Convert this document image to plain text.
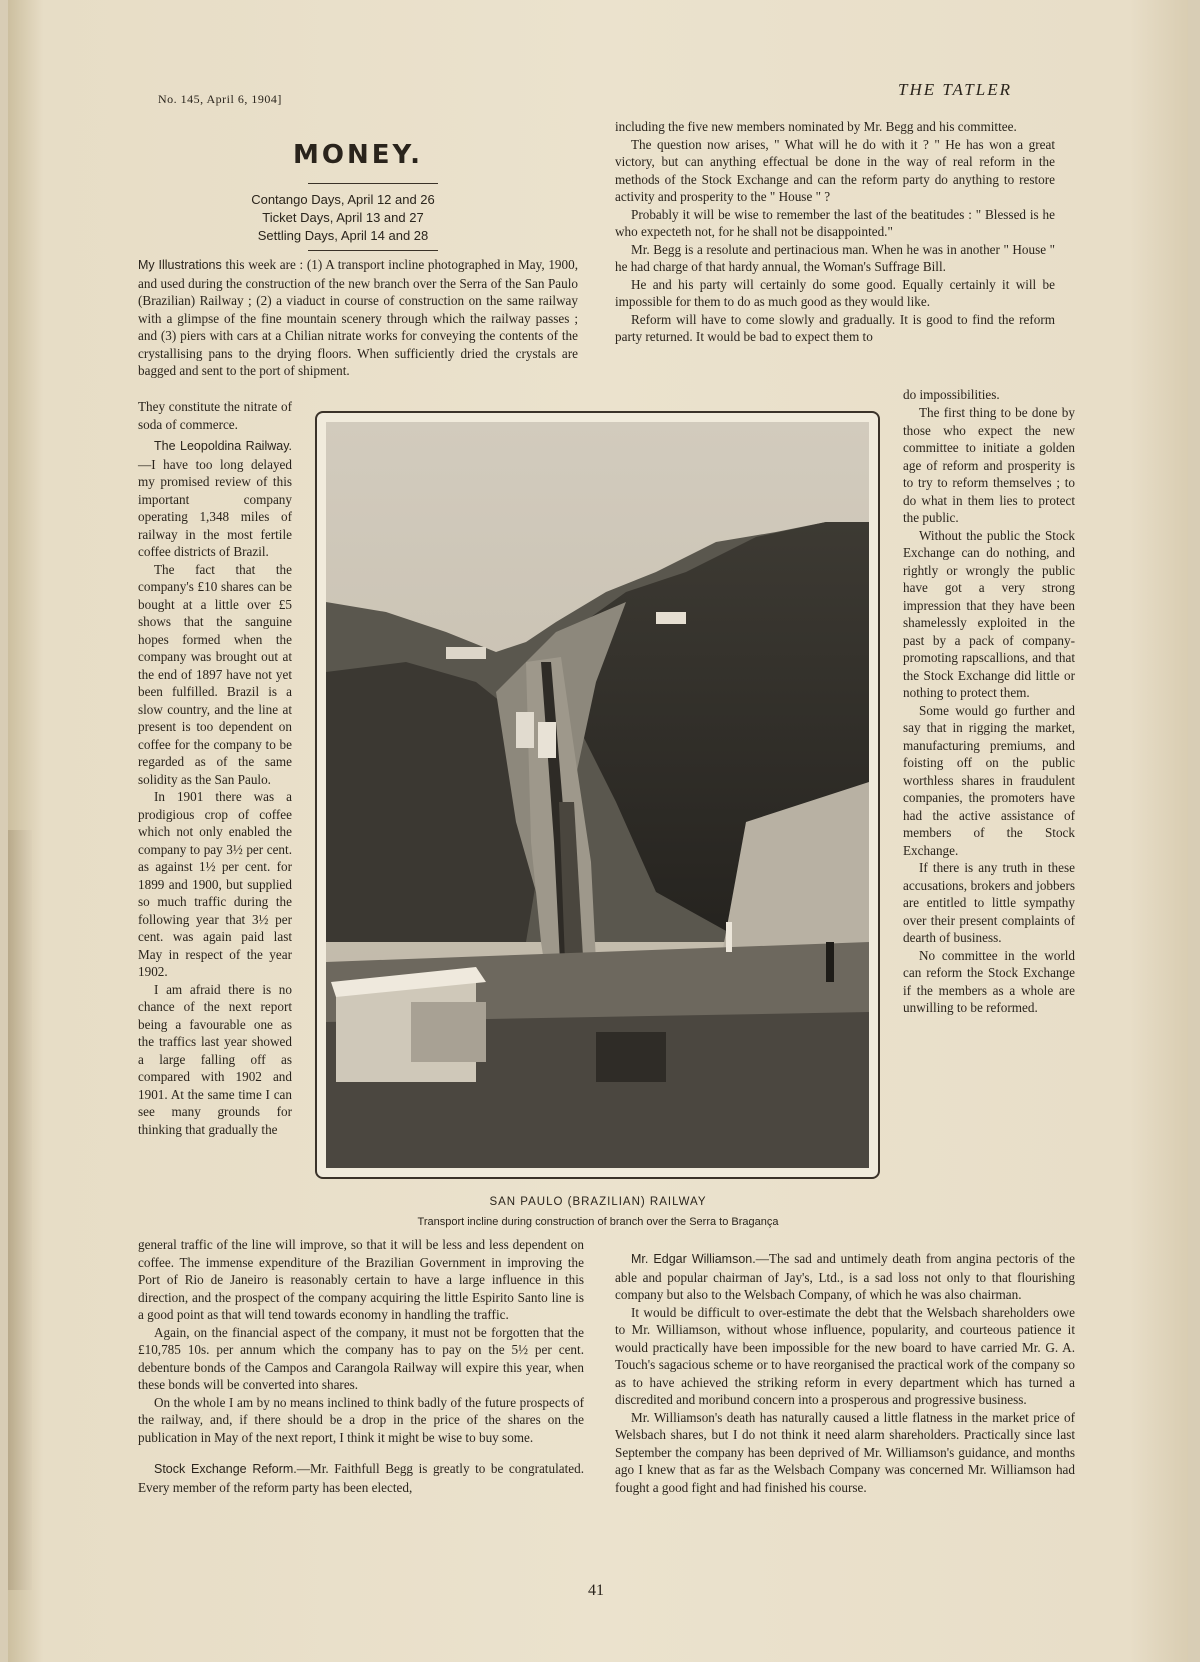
No. 145, April 6, 1904]	THE TATLER
MONEY.
Contango Days, April 12 and 26
Ticket Days, April 13 and 27
Settling Days, April 14 and 28

My Illustrations this week are : (1) A transport incline photographed in May, 1900, and used during the construction of the new branch over the Serra of the San Paulo (Brazilian) Railway ; (2) a viaduct in course of construction on the same railway with a glimpse of the fine mountain scenery through which the railway passes ; and (3) piers with cars at a Chilian nitrate works for conveying the contents of the crystallising pans to the drying floors. When sufficiently dried the crystals are bagged and sent to the port of shipment.

They constitute the nitrate of soda of commerce.

The Leopoldina Railway.—I have too long delayed my promised review of this important company operating 1,348 miles of railway in the most fertile coffee districts of Brazil.

The fact that the company's £10 shares can be bought at a little over £5 shows that the sanguine hopes formed when the company was brought out at the end of 1897 have not yet been fulfilled. Brazil is a slow country, and the line at present is too dependent on coffee for the company to be regarded as of the same solidity as the San Paulo.

In 1901 there was a prodigious crop of coffee which not only enabled the company to pay 3½ per cent. as against 1½ per cent. for 1899 and 1900, but supplied so much traffic during the following year that 3½ per cent. was again paid last May in respect of the year 1902.

I am afraid there is no chance of the next report being a favourable one as the traffics last year showed a large falling off as compared with 1902 and 1901. At the same time I can see many grounds for thinking that gradually the

including the five new members nominated by Mr. Begg and his committee.

The question now arises, " What will he do with it ? " He has won a great victory, but can anything effectual be done in the way of real reform in the methods of the Stock Exchange and can the reform party do anything to restore activity and prosperity to the " House " ?

Probably it will be wise to remember the last of the beatitudes : " Blessed is he who expecteth not, for he shall not be disappointed."

Mr. Begg is a resolute and pertinacious man. When he was in another " House " he had charge of that hardy annual, the Woman's Suffrage Bill.

He and his party will certainly do some good. Equally certainly it will be impossible for them to do as much good as they would like.

Reform will have to come slowly and gradually. It is good to find the reform party returned. It would be bad to expect them to

do impossibilities.

The first thing to be done by those who expect the new committee to initiate a golden age of reform and prosperity is to try to reform themselves ; to do what in them lies to protect the public.

Without the public the Stock Exchange can do nothing, and rightly or wrongly the public have got a very strong impression that they have been shamelessly exploited in the past by a pack of company-promoting rapscallions, and that the Stock Exchange did little or nothing to protect them.

Some would go further and say that in rigging the market, manufacturing premiums, and foisting off on the public worthless shares in fraudulent companies, the promoters have had the active assistance of members of the Stock Exchange.

If there is any truth in these accusations, brokers and jobbers are entitled to little sympathy over their present complaints of dearth of business.

No committee in the world can reform the Stock Exchange if the members as a whole are unwilling to be reformed.

SAN PAULO (BRAZILIAN) RAILWAY
Transport incline during construction of branch over the Serra to Bragança

general traffic of the line will improve, so that it will be less and less dependent on coffee. The immense expenditure of the Brazilian Government in improving the Port of Rio de Janeiro is reasonably certain to have a large influence in this direction, and the prospect of the company acquiring the little Espirito Santo line is a good point as that will tend towards economy in handling the traffic.

Again, on the financial aspect of the company, it must not be forgotten that the £10,785 10s. per annum which the company has to pay on the 5½ per cent. debenture bonds of the Campos and Carangola Railway will expire this year, when these bonds will be converted into shares.

On the whole I am by no means inclined to think badly of the future prospects of the railway, and, if there should be a drop in the price of the shares on the publication in May of the next report, I think it might be wise to buy some.

Stock Exchange Reform.—Mr. Faithfull Begg is greatly to be congratulated. Every member of the reform party has been elected,

Mr. Edgar Williamson.—The sad and untimely death from angina pectoris of the able and popular chairman of Jay's, Ltd., is a sad loss not only to that flourishing company but also to the Welsbach Company, of which he was also chairman.

It would be difficult to over-estimate the debt that the Welsbach shareholders owe to Mr. Williamson, without whose influence, popularity, and courteous patience it would practically have been impossible for the new board to have carried Mr. G. A. Touch's sagacious scheme or to have reorganised the practical work of the company so as to have achieved the striking reform in every department which has turned a discredited and moribund concern into a prosperous and progressive business.

Mr. Williamson's death has naturally caused a little flatness in the market price of Welsbach shares, but I do not think it need alarm shareholders. Practically since last September the company has been deprived of Mr. Williamson's guidance, and months ago I knew that as far as the Welsbach Company was concerned Mr. Williamson had fought a good fight and had finished his course.

41
